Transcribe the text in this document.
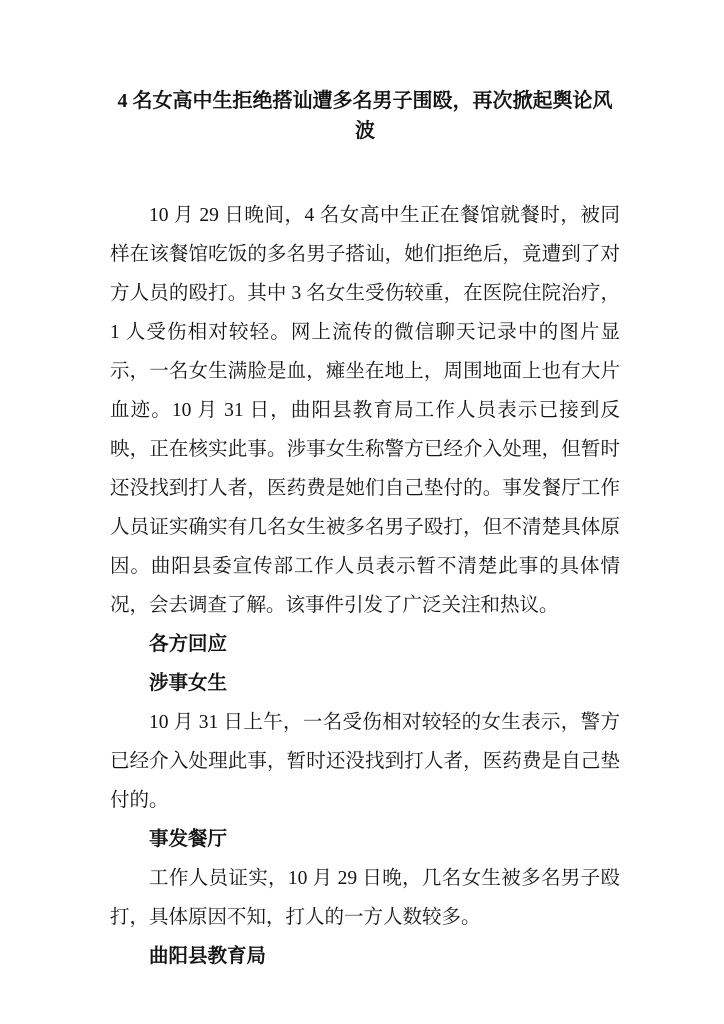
4 名女高中生拒绝搭讪遭多名男子围殴，再次掀起舆论风波

10 月 29 日晚间，4 名女高中生正在餐馆就餐时，被同样在该餐馆吃饭的多名男子搭讪，她们拒绝后，竟遭到了对方人员的殴打。其中 3 名女生受伤较重，在医院住院治疗，1 人受伤相对较轻。网上流传的微信聊天记录中的图片显示，一名女生满脸是血，瘫坐在地上，周围地面上也有大片血迹。10 月 31 日，曲阳县教育局工作人员表示已接到反映，正在核实此事。涉事女生称警方已经介入处理，但暂时还没找到打人者，医药费是她们自己垫付的。事发餐厅工作人员证实确实有几名女生被多名男子殴打，但不清楚具体原因。曲阳县委宣传部工作人员表示暂不清楚此事的具体情况，会去调查了解。该事件引发了广泛关注和热议。

各方回应
涉事女生

10 月 31 日上午，一名受伤相对较轻的女生表示，警方已经介入处理此事，暂时还没找到打人者，医药费是自己垫付的。

事发餐厅

工作人员证实，10 月 29 日晚，几名女生被多名男子殴打，具体原因不知，打人的一方人数较多。

曲阳县教育局
